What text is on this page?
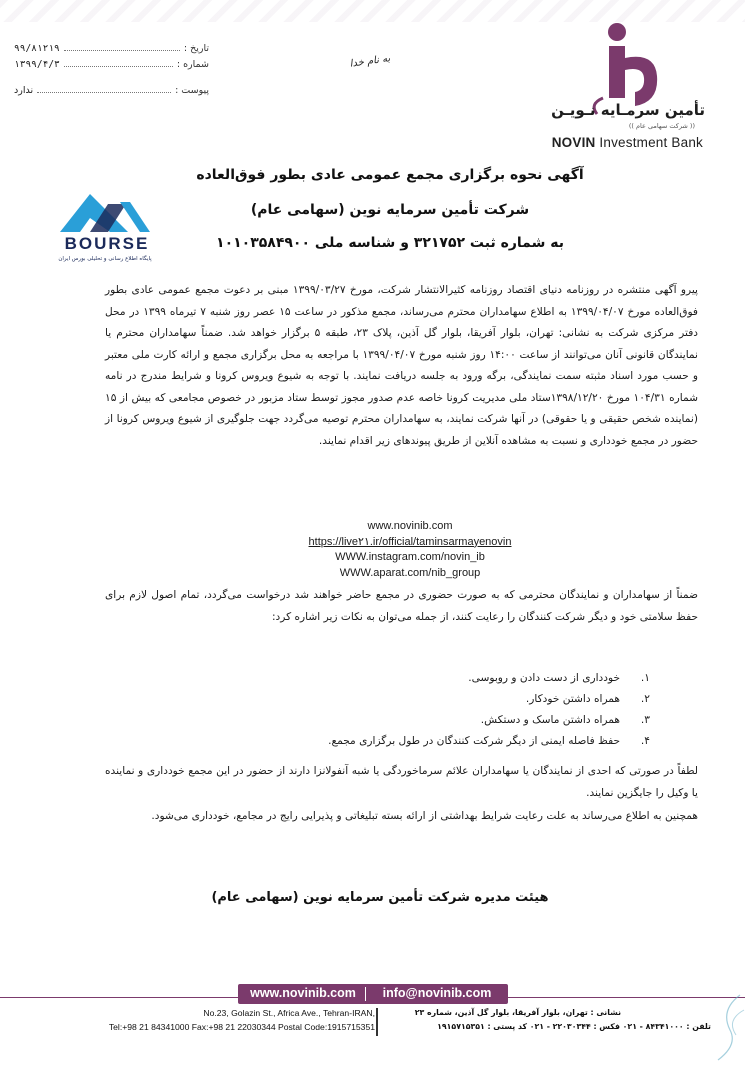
تاریخ :
۹۹/۸۱۲۱۹
شماره :
۱۳۹۹/۴/۳
پیوست :
ندارد
به نام خدا
تأمین سرمـایه نـویـن
(( شرکت سهامی عام ))
NOVIN Investment Bank
آگهی نحوه برگزاری مجمع عمومی عادی بطور فوق‌العاده
شرکت تأمین سرمایه نوین (سهامی عام)
به شماره ثبت ۳۲۱۷۵۲ و شناسه ملی ۱۰۱۰۳۵۸۴۹۰۰
BOURSE
پایگاه اطلاع رسانی و تحلیلی بورس ایران
پیرو آگهی منتشره در روزنامه دنیای اقتصاد روزنامه کثیرالانتشار شرکت، مورخ ۱۳۹۹/۰۳/۲۷ مبنی بر دعوت مجمع عمومی عادی بطور فوق‌العاده مورخ ۱۳۹۹/۰۴/۰۷ به اطلاع سهامداران محترم می‌رساند، مجمع مذکور در ساعت ۱۵ عصر روز شنبه ۷ تیرماه ۱۳۹۹ در محل دفتر مرکزی شرکت به نشانی: تهران، بلوار آفریقا، بلوار گل آذین، پلاک ۲۳، طبقه ۵ برگزار خواهد شد. ضمناً سهامداران محترم یا نمایندگان قانونی آنان می‌توانند از ساعت ۱۴:۰۰ روز شنبه مورخ ۱۳۹۹/۰۴/۰۷ با مراجعه به محل برگزاری مجمع و ارائه کارت ملی معتبر و حسب مورد اسناد مثبته سمت نمایندگی، برگه ورود به جلسه دریافت نمایند. با توجه به شیوع ویروس کرونا و شرایط مندرج در نامه شماره ۱۰۴/۳۱ مورخ ۱۳۹۸/۱۲/۲۰ستاد ملی مدیریت کرونا خاصه عدم صدور مجوز توسط ستاد مزبور در خصوص مجامعی که بیش از ۱۵ (نماینده شخص حقیقی و یا حقوقی) در آنها شرکت نمایند، به سهامداران محترم توصیه می‌گردد جهت جلوگیری از شیوع ویروس کرونا از حضور در مجمع خودداری و نسبت به مشاهده آنلاین از طریق پیوندهای زیر اقدام نمایند.
www.novinib.com
https://live۲۱.ir/official/taminsarmayenovin
WWW.instagram.com/novin_ib
WWW.aparat.com/nib_group
ضمناً از سهامداران و نمایندگان محترمی که به صورت حضوری در مجمع حاضر خواهند شد درخواست می‌گردد، تمام اصول لازم برای حفظ سلامتی خود و دیگر شرکت کنندگان را رعایت کنند، از جمله می‌توان به نکات زیر اشاره کرد:
۱.
خودداری از دست دادن و روبوسی.
۲.
همراه داشتن خودکار.
۳.
همراه داشتن ماسک و دستکش.
۴.
حفظ فاصله ایمنی از دیگر شرکت کنندگان در طول برگزاری مجمع.
لطفاً در صورتی که احدی از نمایندگان یا سهامداران علائم سرماخوردگی یا شبه آنفولانزا دارند از حضور در این مجمع خودداری و نماینده یا وکیل را جایگزین نمایند.
همچنین به اطلاع می‌رساند به علت رعایت شرایط بهداشتی از ارائه بسته تبلیغاتی و پذیرایی رایج در مجامع، خودداری می‌شود.
هیئت مدیره شرکت تأمین سرمایه نوین (سهامی عام)
www.novinib.com	info@novinib.com
No.23, Golazin St., Africa Ave., Tehran-IRAN,
Tel:+98 21 84341000 Fax:+98 21 22030344 Postal Code:1915715351
نشانی : تهران، بلوار آفریقا، بلوار گل آذین، شماره ۲۳
تلفن : ۸۴۳۴۱۰۰۰ - ۰۲۱ فکس : ۲۲۰۳۰۳۴۴ - ۰۲۱ کد پستی : ۱۹۱۵۷۱۵۳۵۱
